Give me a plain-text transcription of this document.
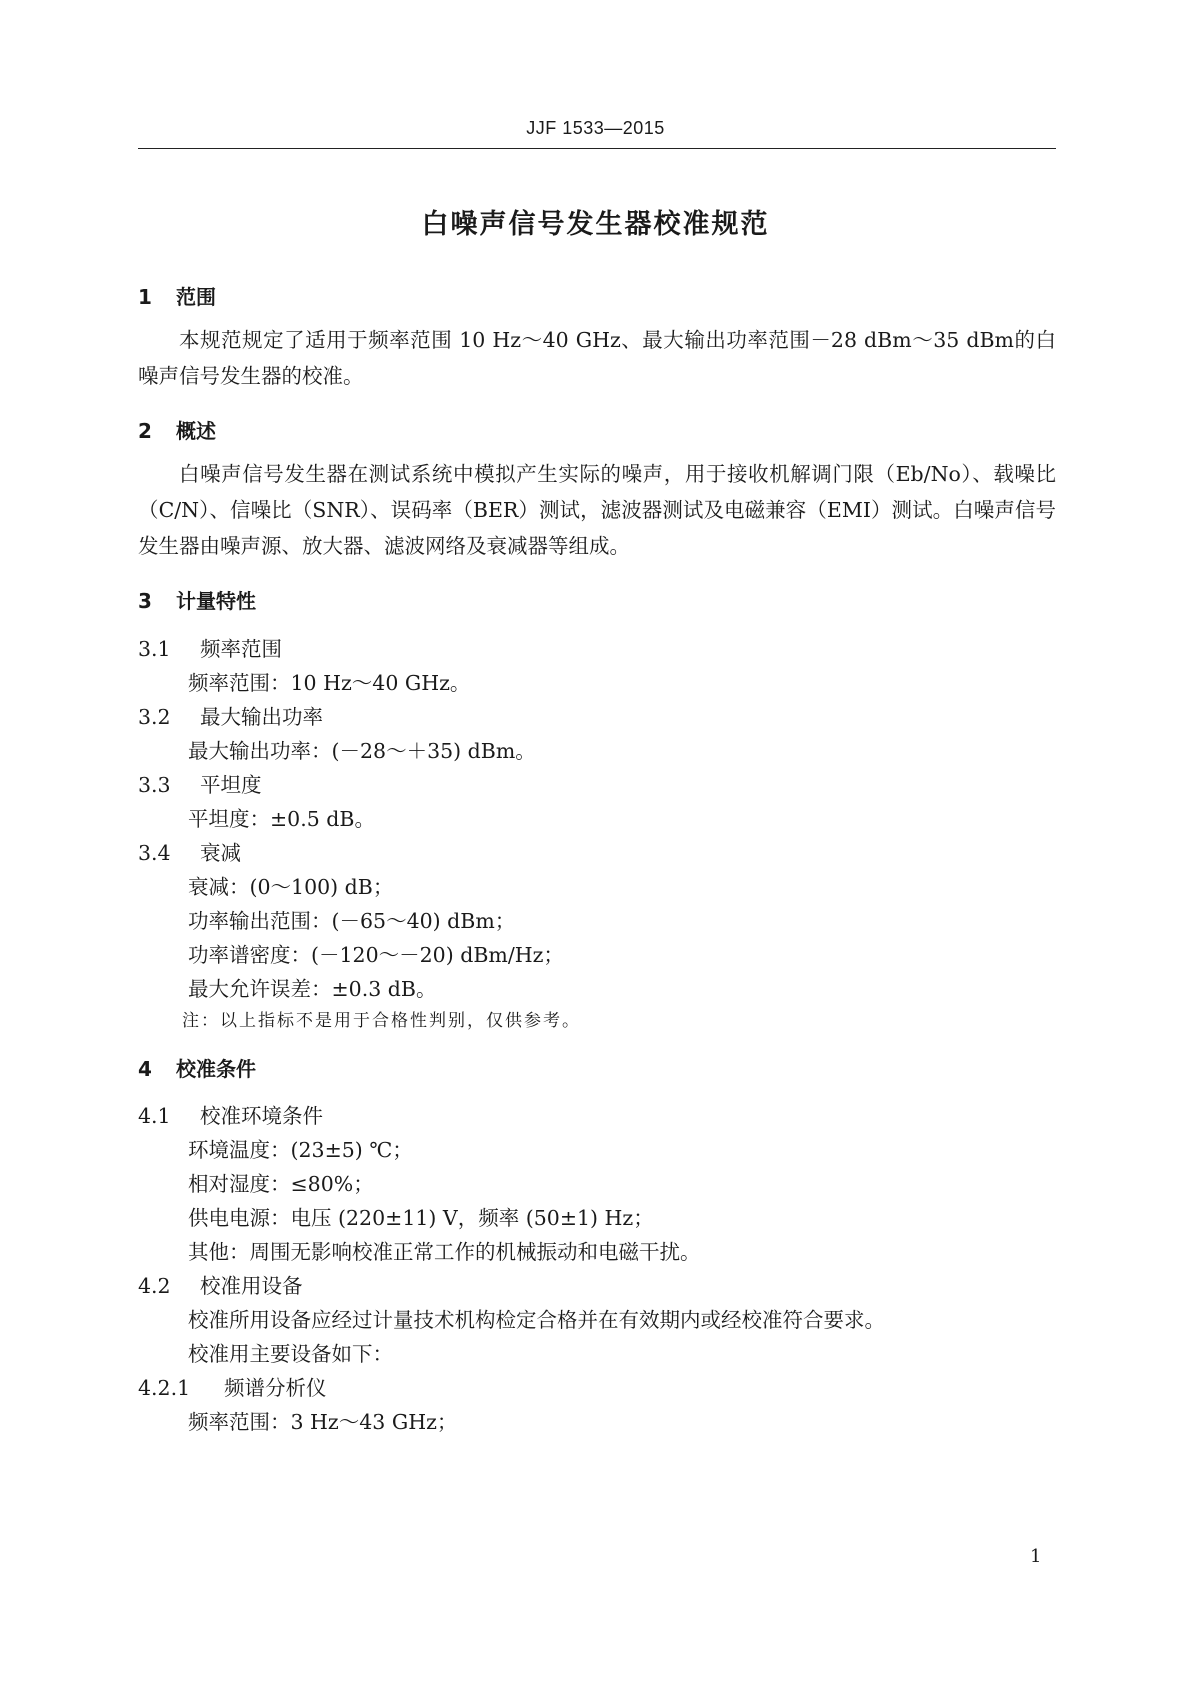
JJF 1533—2015
白噪声信号发生器校准规范
1 范围
本规范规定了适用于频率范围 10 Hz～40 GHz、最大输出功率范围－28 dBm～35 dBm的白噪声信号发生器的校准。
2 概述
白噪声信号发生器在测试系统中模拟产生实际的噪声，用于接收机解调门限（Eb/No）、载噪比（C/N）、信噪比（SNR）、误码率（BER）测试，滤波器测试及电磁兼容（EMI）测试。白噪声信号发生器由噪声源、放大器、滤波网络及衰减器等组成。
3 计量特性
3.1 频率范围
频率范围：10 Hz～40 GHz。
3.2 最大输出功率
最大输出功率：(－28～＋35) dBm。
3.3 平坦度
平坦度：±0.5 dB。
3.4 衰减
衰减：(0～100) dB；
功率输出范围：(－65～40) dBm；
功率谱密度：(－120～－20) dBm/Hz；
最大允许误差：±0.3 dB。
注：以上指标不是用于合格性判别，仅供参考。
4 校准条件
4.1 校准环境条件
环境温度：(23±5) ℃；
相对湿度：≤80%；
供电电源：电压 (220±11) V，频率 (50±1) Hz；
其他：周围无影响校准正常工作的机械振动和电磁干扰。
4.2 校准用设备
校准所用设备应经过计量技术机构检定合格并在有效期内或经校准符合要求。
校准用主要设备如下：
4.2.1 频谱分析仪
频率范围：3 Hz～43 GHz；
1
